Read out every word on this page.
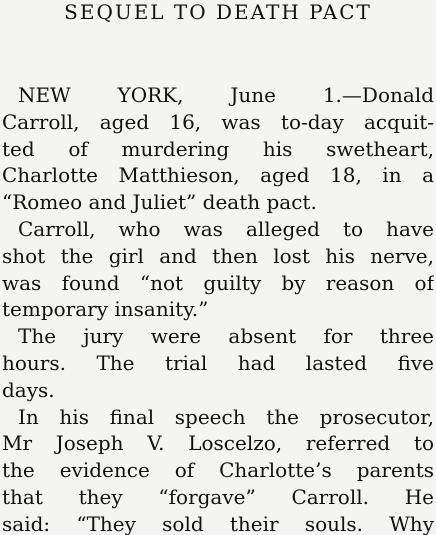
SEQUEL TO DEATH PACT
NEW YORK, June 1.—Donald
Carroll, aged 16, was to-day acquit-
ted of murdering his swetheart,
Charlotte Matthieson, aged 18, in a
“Romeo and Juliet” death pact.
Carroll, who was alleged to have
shot the girl and then lost his nerve,
was found “not guilty by reason of
temporary insanity.”
The jury were absent for three
hours. The trial had lasted five
days.
In his final speech the prosecutor,
Mr Joseph V. Loscelzo, referred to
the evidence of Charlotte’s parents
that they “forgave” Carroll. He
said: “They sold their souls. Why
